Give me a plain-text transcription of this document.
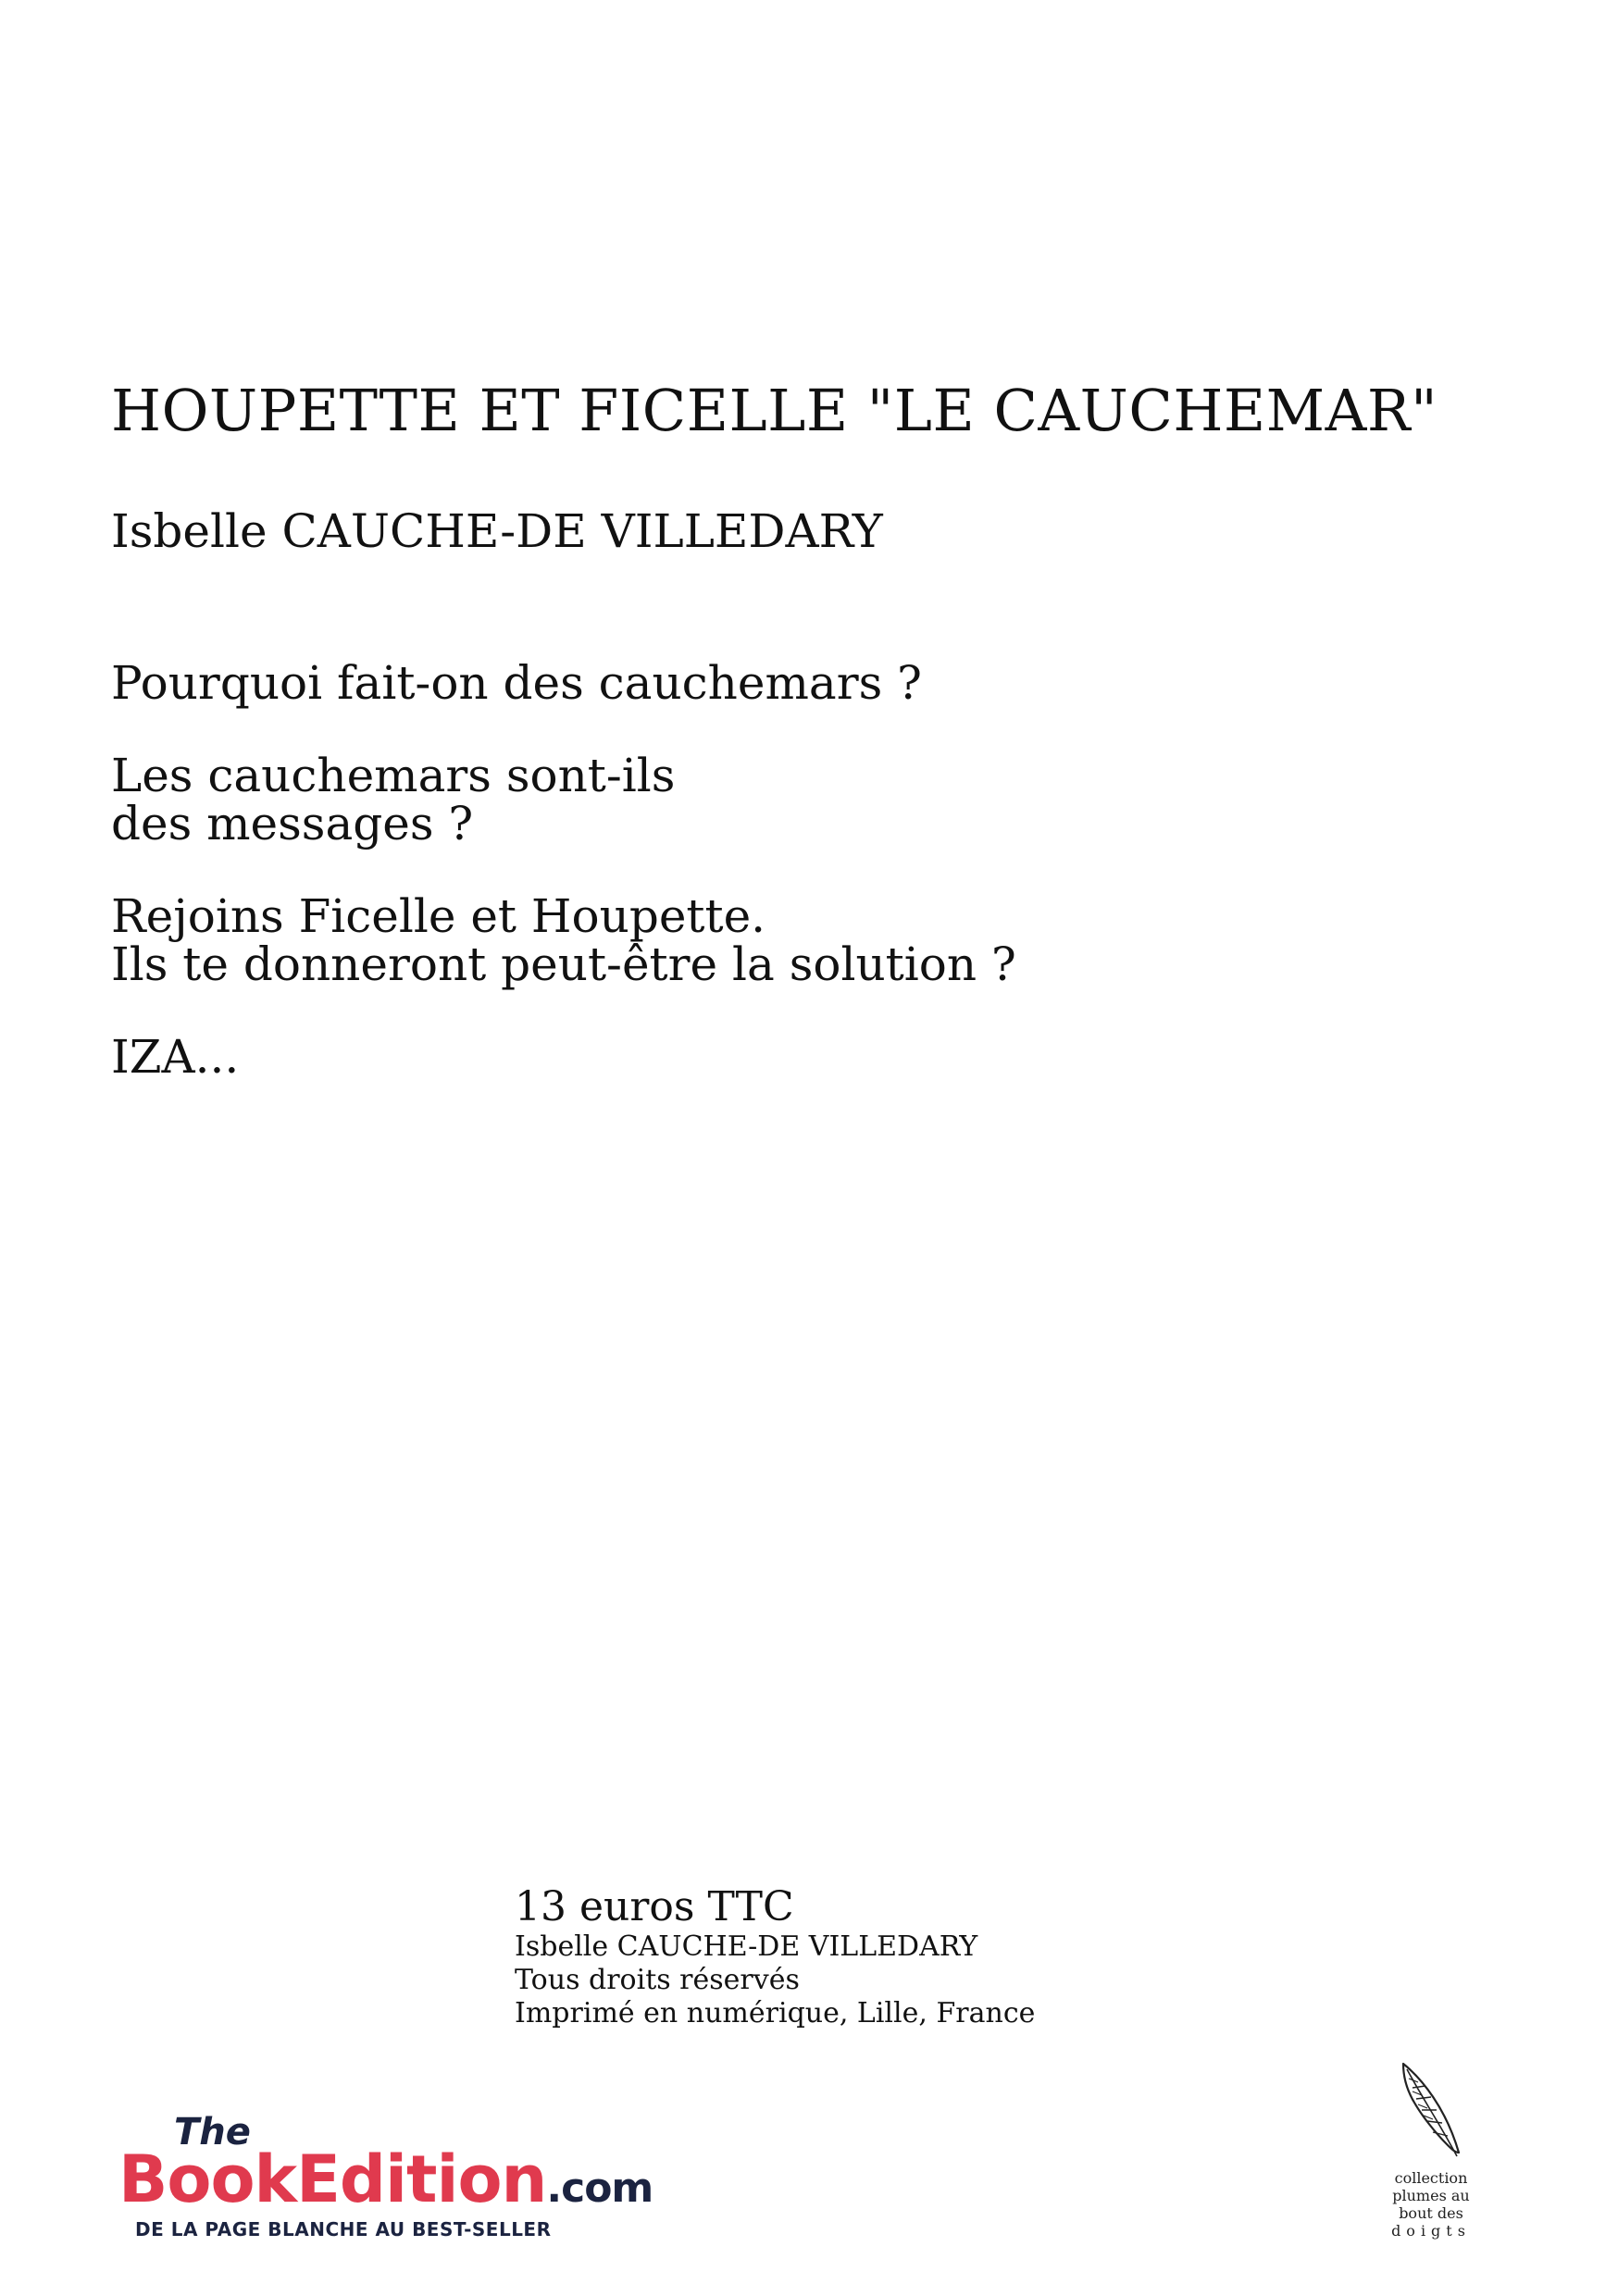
HOUPETTE ET FICELLE "LE CAUCHEMAR"
Isbelle CAUCHE-DE VILLEDARY

Pourquoi fait-on des cauchemars ?

Les cauchemars sont-ils
des messages ?

Rejoins Ficelle et Houpette.
Ils te donneront peut-être la solution ?

IZA...

13 euros TTC
Isbelle CAUCHE-DE VILLEDARY
Tous droits réservés
Imprimé en numérique, Lille, France
The
BookEdition.com
DE LA PAGE BLANCHE AU BEST-SELLER
collection
plumes au
bout des
doigts
